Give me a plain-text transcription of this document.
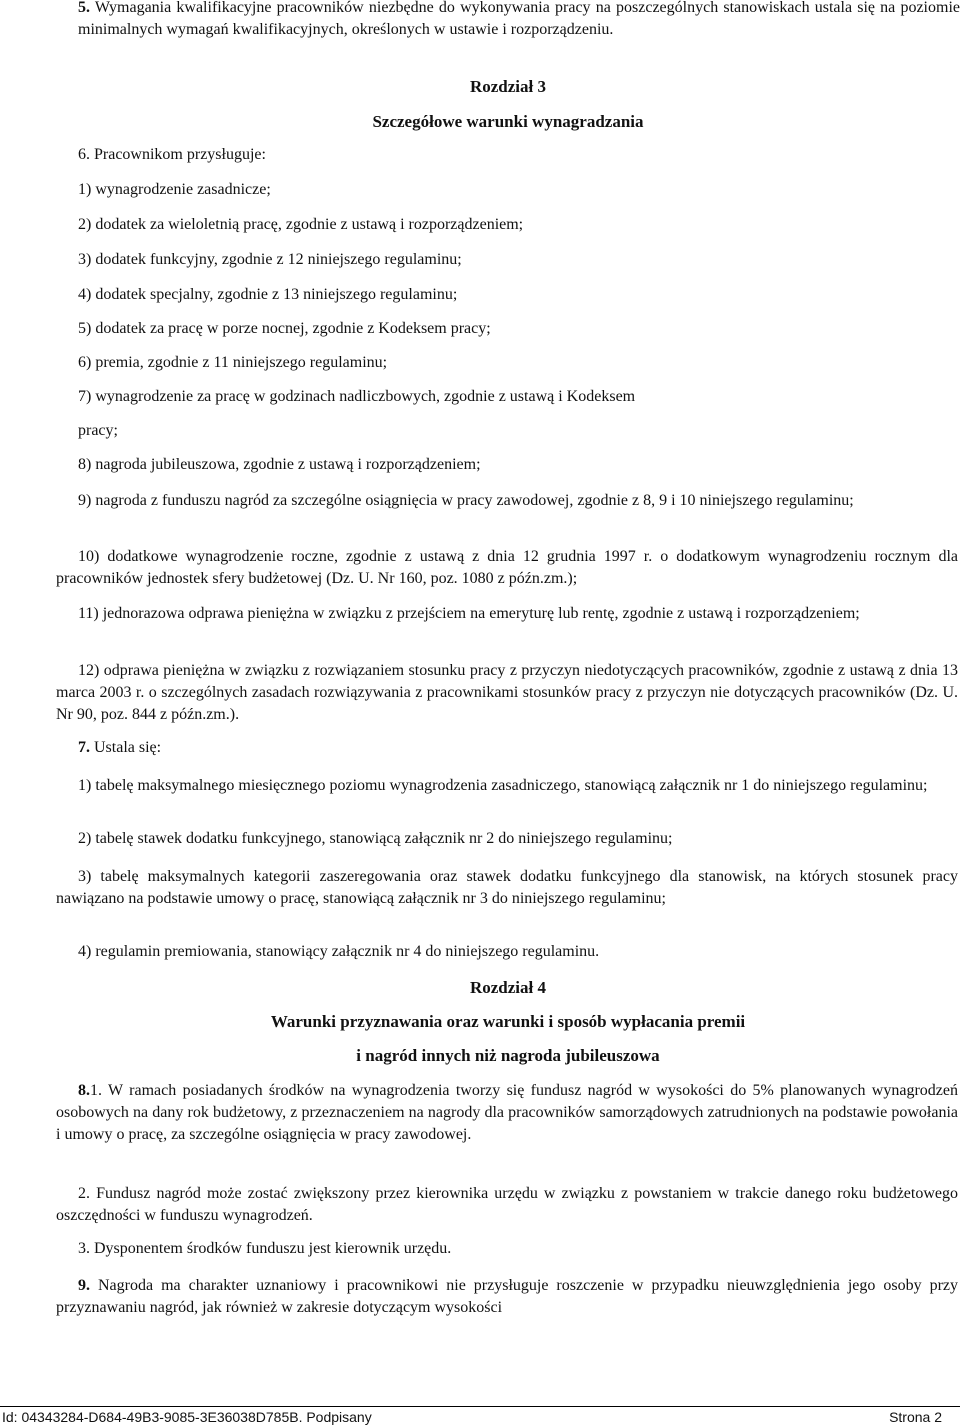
5. Wymagania kwalifikacyjne pracowników niezbędne do wykonywania pracy na poszczególnych stanowiskach ustala się na poziomie minimalnych wymagań kwalifikacyjnych, określonych w ustawie i rozporządzeniu.

Rozdział 3

Szczegółowe warunki wynagradzania

6. Pracownikom przysługuje:

1) wynagrodzenie zasadnicze;

2) dodatek za wieloletnią pracę, zgodnie z ustawą i rozporządzeniem;

3) dodatek funkcyjny, zgodnie z 12 niniejszego regulaminu;

4) dodatek specjalny, zgodnie z 13 niniejszego regulaminu;

5) dodatek za pracę w porze nocnej, zgodnie z Kodeksem pracy;

6) premia, zgodnie z 11 niniejszego regulaminu;

7) wynagrodzenie za pracę w godzinach nadliczbowych, zgodnie z ustawą i Kodeksem

pracy;

8) nagroda jubileuszowa, zgodnie z ustawą i rozporządzeniem;

9) nagroda z funduszu nagród za szczególne osiągnięcia w pracy zawodowej, zgodnie z 8, 9 i 10 niniejszego regulaminu;

10) dodatkowe wynagrodzenie roczne, zgodnie z ustawą z dnia 12 grudnia 1997 r. o dodatkowym wynagrodzeniu rocznym dla pracowników jednostek sfery budżetowej (Dz. U. Nr 160, poz. 1080 z późn.zm.);

11) jednorazowa odprawa pieniężna w związku z przejściem na emeryturę lub rentę, zgodnie z ustawą i rozporządzeniem;

12) odprawa pieniężna w związku z rozwiązaniem stosunku pracy z przyczyn niedotyczących pracowników, zgodnie z ustawą z dnia 13 marca 2003 r. o szczególnych zasadach rozwiązywania z pracownikami stosunków pracy z przyczyn nie dotyczących pracowników (Dz. U. Nr 90, poz. 844 z późn.zm.).

7. Ustala się:

1) tabelę maksymalnego miesięcznego poziomu wynagrodzenia zasadniczego, stanowiącą załącznik nr 1 do niniejszego regulaminu;

2) tabelę stawek dodatku funkcyjnego, stanowiącą załącznik nr 2 do niniejszego regulaminu;

3) tabelę maksymalnych kategorii zaszeregowania oraz stawek dodatku funkcyjnego dla stanowisk, na których stosunek pracy nawiązano na podstawie umowy o pracę, stanowiącą załącznik nr 3 do niniejszego regulaminu;

4) regulamin premiowania, stanowiący załącznik nr 4 do niniejszego regulaminu.

Rozdział 4

Warunki przyznawania oraz warunki i sposób wypłacania premii

i nagród innych niż nagroda jubileuszowa

8.1. W ramach posiadanych środków na wynagrodzenia tworzy się fundusz nagród w wysokości do 5% planowanych wynagrodzeń osobowych na dany rok budżetowy, z przeznaczeniem na nagrody dla pracowników samorządowych zatrudnionych na podstawie powołania i umowy o pracę, za szczególne osiągnięcia w pracy zawodowej.

2. Fundusz nagród może zostać zwiększony przez kierownika urzędu w związku z powstaniem w trakcie danego roku budżetowego oszczędności w funduszu wynagrodzeń.

3. Dysponentem środków funduszu jest kierownik urzędu.

9. Nagroda ma charakter uznaniowy i pracownikowi nie przysługuje roszczenie w przypadku nieuwzględnienia jego osoby przy przyznawaniu nagród, jak również w zakresie dotyczącym wysokości

Id: 04343284-D684-49B3-9085-3E36038D785B. Podpisany	Strona 2
